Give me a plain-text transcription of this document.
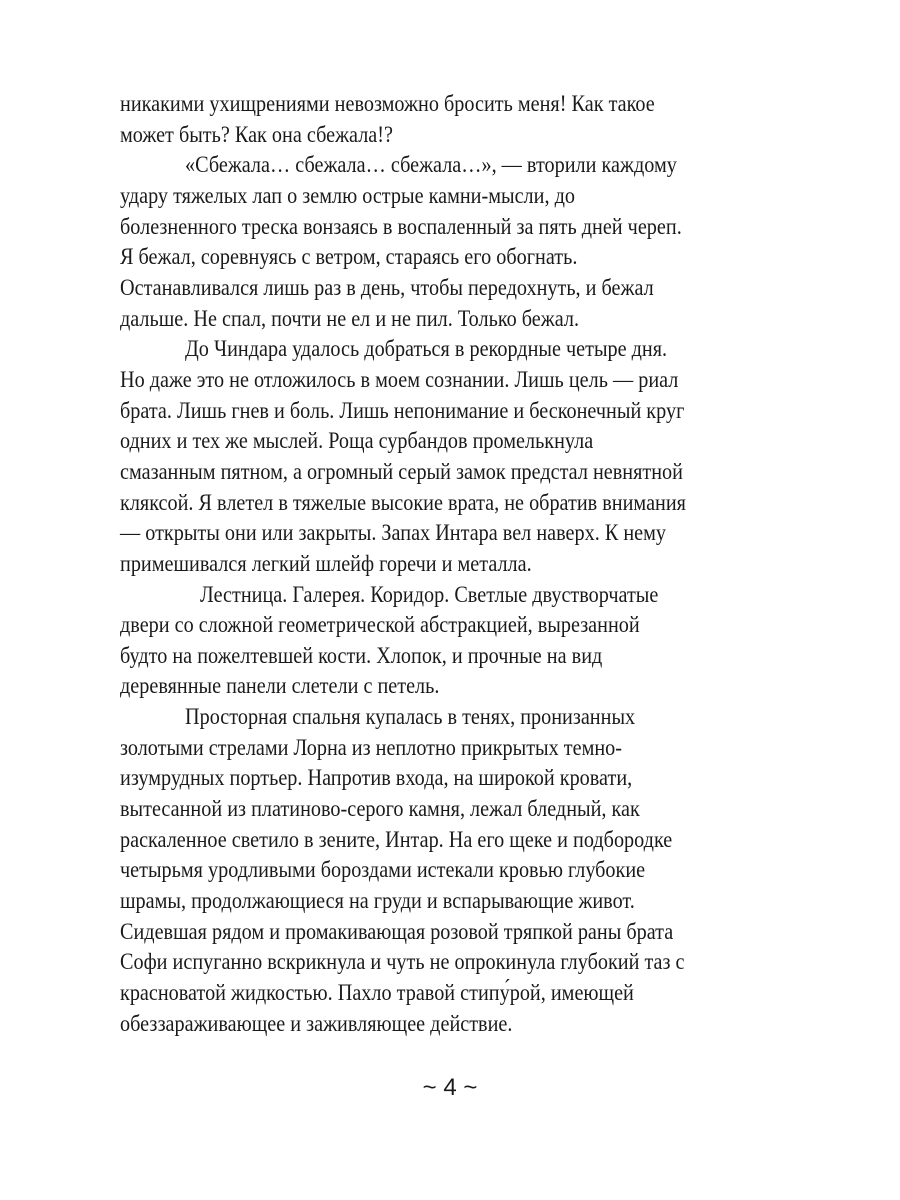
никакими ухищрениями невозможно бросить меня! Как такое
может быть? Как она сбежала!?
«Сбежала… сбежала… сбежала…», — вторили каждому
удару тяжелых лап о землю острые камни-мысли, до
болезненного треска вонзаясь в воспаленный за пять дней череп.
Я бежал, соревнуясь с ветром, стараясь его обогнать.
Останавливался лишь раз в день, чтобы передохнуть, и бежал
дальше. Не спал, почти не ел и не пил. Только бежал.
До Чиндара удалось добраться в рекордные четыре дня.
Но даже это не отложилось в моем сознании. Лишь цель — риал
брата. Лишь гнев и боль. Лишь непонимание и бесконечный круг
одних и тех же мыслей. Роща сурбандов промелькнула
смазанным пятном, а огромный серый замок предстал невнятной
кляксой. Я влетел в тяжелые высокие врата, не обратив внимания
— открыты они или закрыты. Запах Интара вел наверх. К нему
примешивался легкий шлейф горечи и металла.
Лестница. Галерея. Коридор. Светлые двустворчатые
двери со сложной геометрической абстракцией, вырезанной
будто на пожелтевшей кости. Хлопок, и прочные на вид
деревянные панели слетели с петель.
Просторная спальня купалась в тенях, пронизанных
золотыми стрелами Лорна из неплотно прикрытых темно-
изумрудных портьер. Напротив входа, на широкой кровати,
вытесанной из платиново-серого камня, лежал бледный, как
раскаленное светило в зените, Интар. На его щеке и подбородке
четырьмя уродливыми бороздами истекали кровью глубокие
шрамы, продолжающиеся на груди и вспарывающие живот.
Сидевшая рядом и промакивающая розовой тряпкой раны брата
Софи испуганно вскрикнула и чуть не опрокинула глубокий таз с
красноватой жидкостью. Пахло травой стипу́рой, имеющей
обеззараживающее и заживляющее действие.
~ 4 ~
